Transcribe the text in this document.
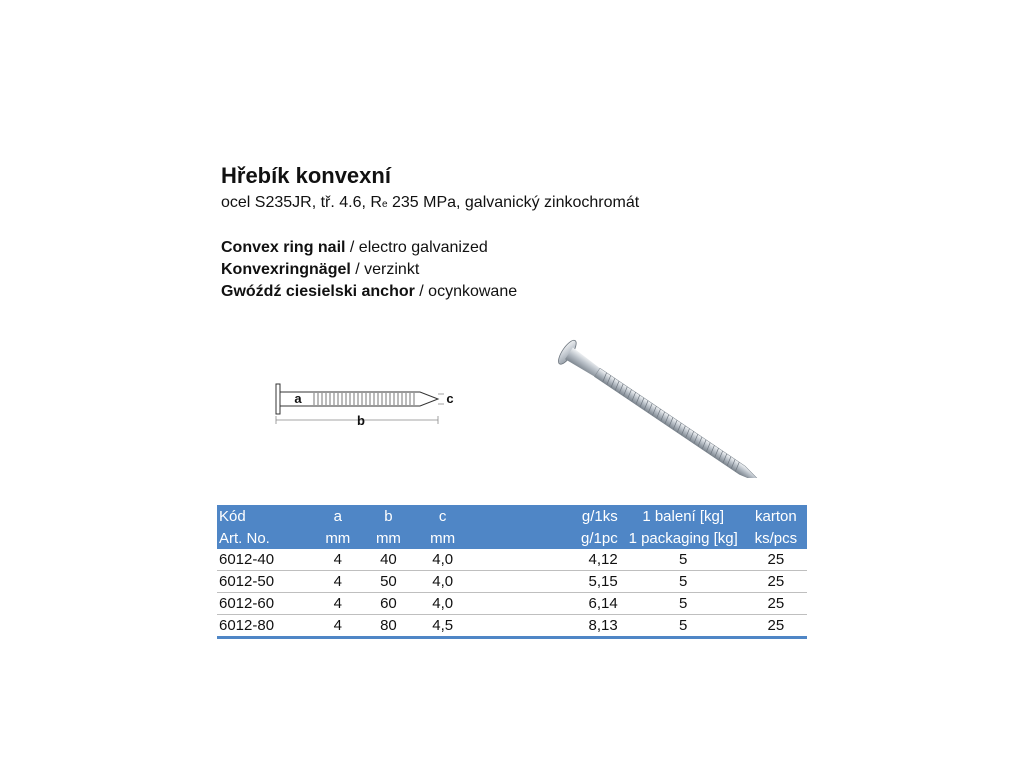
Hřebík konvexní
ocel S235JR, tř. 4.6, Re 235 MPa, galvanický zinkochromát
Convex ring nail / electro galvanized
Konvexringnägel / verzinkt
Gwóźdź ciesielski anchor / ocynkowane
a
b
c
Kód	a	b	c		g/1ks	1 balení [kg]	karton
Art. No.	mm	mm	mm		g/1pc	1 packaging [kg]	ks/pcs
6012-40	4	40	4,0		4,12	5	25
6012-50	4	50	4,0		5,15	5	25
6012-60	4	60	4,0		6,14	5	25
6012-80	4	80	4,5		8,13	5	25
